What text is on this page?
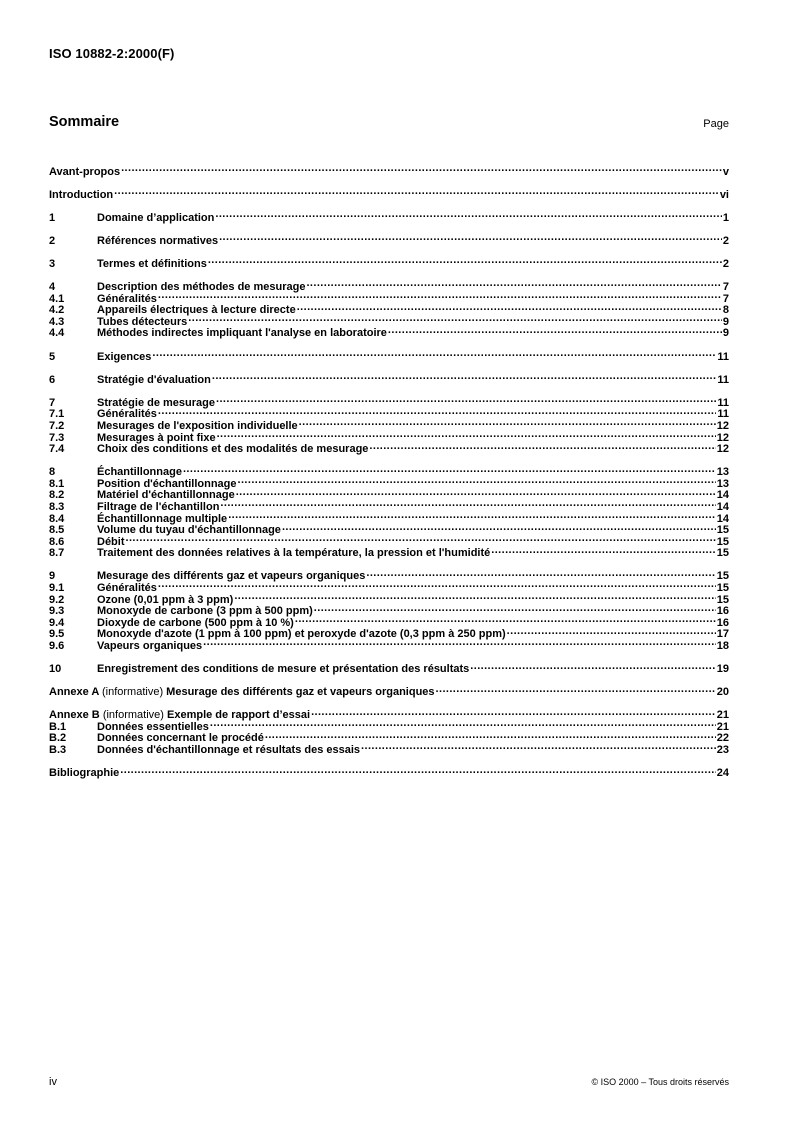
ISO 10882-2:2000(F)
Sommaire	Page
Avant-propos .....	v
Introduction .....	vi
1	Domaine d’application .....	1
2	Références normatives .....	2
3	Termes et définitions .....	2
4	Description des méthodes de mesurage .....	7
4.1	Généralités .....	7
4.2	Appareils électriques à lecture directe .....	8
4.3	Tubes détecteurs .....	9
4.4	Méthodes indirectes impliquant l'analyse en laboratoire .....	9
5	Exigences .....	11
6	Stratégie d'évaluation .....	11
7	Stratégie de mesurage .....	11
7.1	Généralités .....	11
7.2	Mesurages de l'exposition individuelle .....	12
7.3	Mesurages à point fixe .....	12
7.4	Choix des conditions et des modalités de mesurage .....	12
8	Échantillonnage .....	13
8.1	Position d'échantillonnage .....	13
8.2	Matériel d'échantillonnage .....	14
8.3	Filtrage de l'échantillon .....	14
8.4	Échantillonnage multiple .....	14
8.5	Volume du tuyau d'échantillonnage .....	15
8.6	Débit .....	15
8.7	Traitement des données relatives à la température, la pression et l'humidité .....	15
9	Mesurage des différents gaz et vapeurs organiques .....	15
9.1	Généralités .....	15
9.2	Ozone (0,01 ppm à 3 ppm) .....	15
9.3	Monoxyde de carbone (3 ppm à 500 ppm) .....	16
9.4	Dioxyde de carbone (500 ppm à 10 %) .....	16
9.5	Monoxyde d'azote (1 ppm à 100 ppm) et peroxyde d'azote (0,3 ppm à 250 ppm) .....	17
9.6	Vapeurs organiques .....	18
10	Enregistrement des conditions de mesure et présentation des résultats .....	19
Annexe A (informative) Mesurage des différents gaz et vapeurs organiques .....	20
Annexe B (informative) Exemple de rapport d’essai .....	21
B.1	Données essentielles .....	21
B.2	Données concernant le procédé .....	22
B.3	Données d'échantillonnage et résultats des essais .....	23
Bibliographie .....	24
iv	© ISO 2000 – Tous droits réservés
